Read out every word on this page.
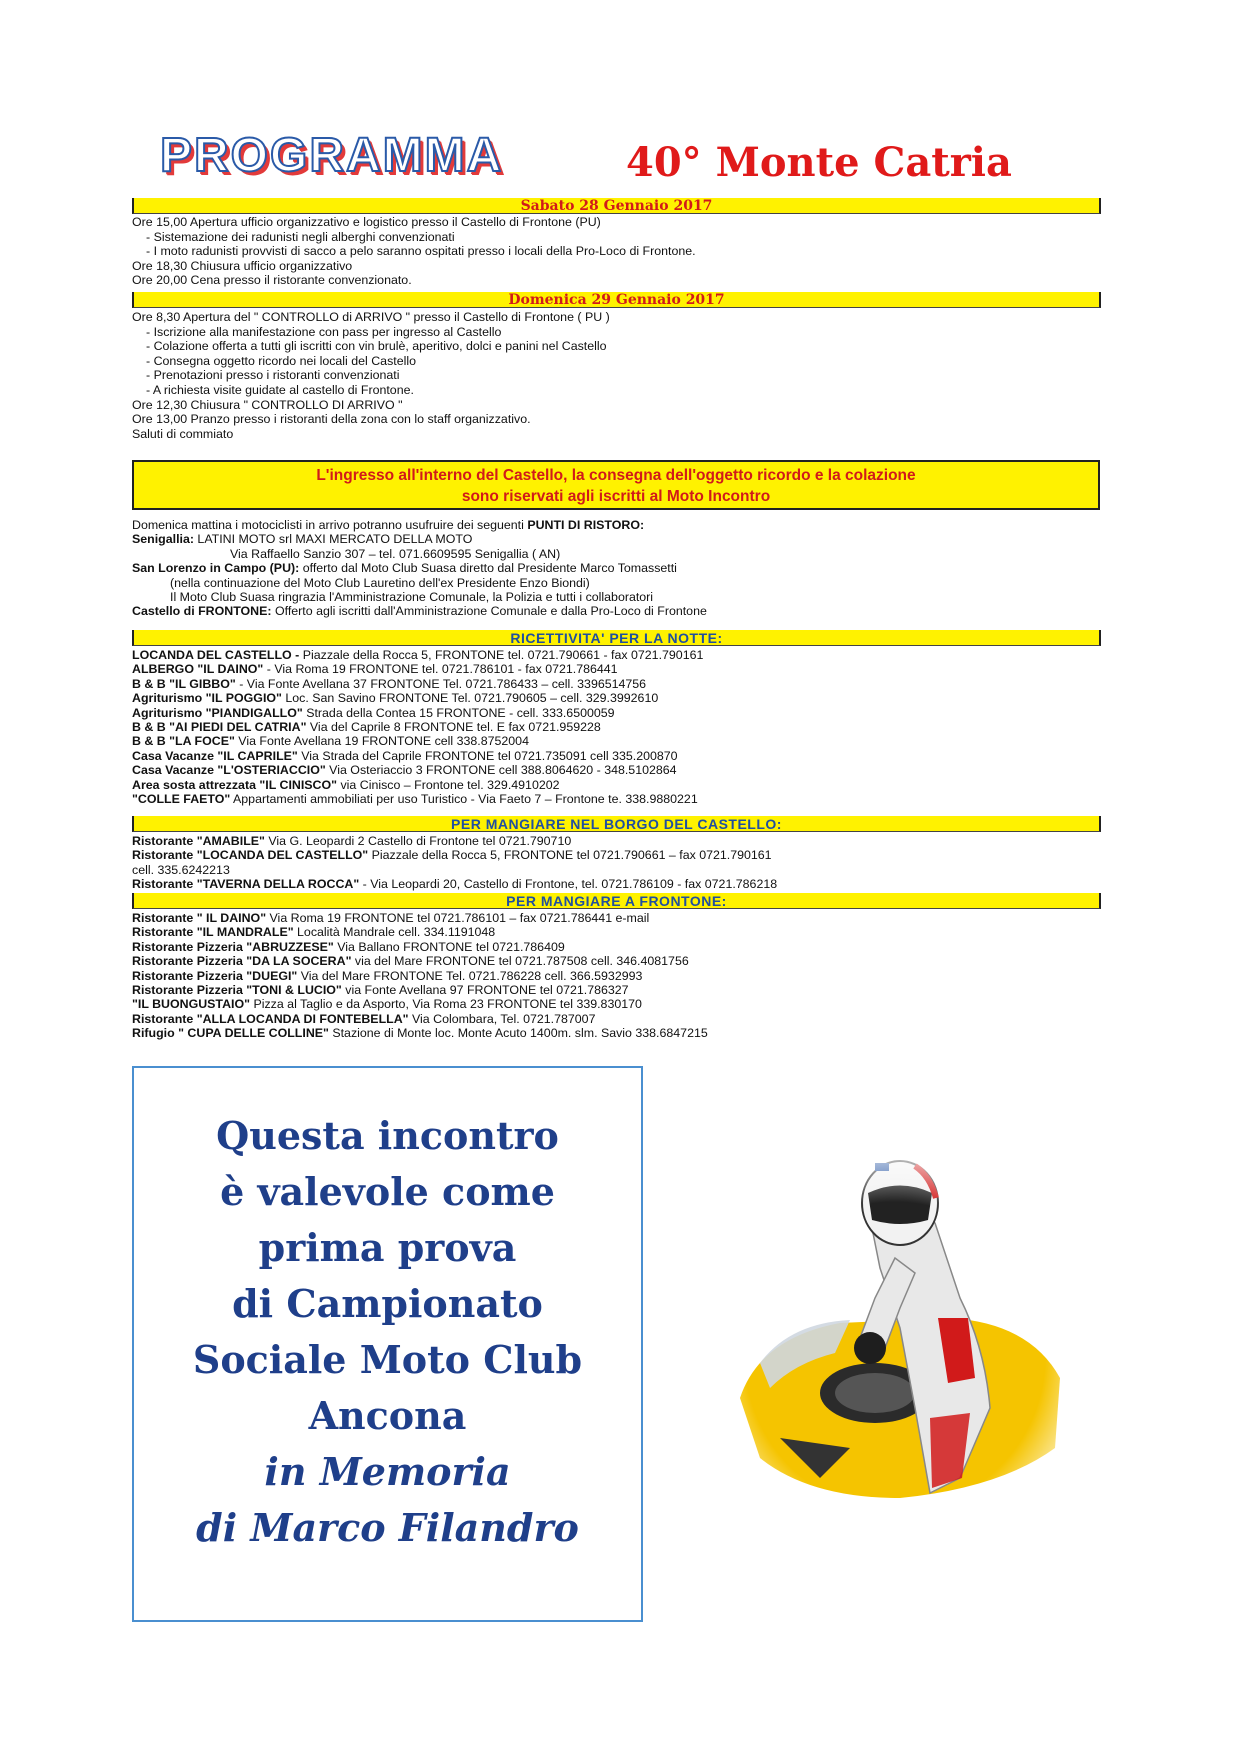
PROGRAMMA	40° Monte Catria
Sabato 28 Gennaio 2017
Ore 15,00 Apertura ufficio organizzativo e logistico presso il Castello di Frontone (PU)
- Sistemazione dei radunisti negli alberghi convenzionati
- I moto radunisti provvisti di sacco a pelo saranno ospitati presso i locali della Pro-Loco di Frontone.
Ore 18,30 Chiusura ufficio organizzativo
Ore 20,00 Cena presso il ristorante convenzionato.
Domenica 29 Gennaio 2017
Ore 8,30 Apertura del " CONTROLLO di ARRIVO " presso il Castello di Frontone ( PU )
- Iscrizione alla manifestazione con pass per ingresso al Castello
- Colazione offerta a tutti gli iscritti con vin brulè, aperitivo, dolci e panini nel Castello
- Consegna oggetto ricordo nei locali del Castello
- Prenotazioni presso i ristoranti convenzionati
- A richiesta visite guidate al castello di Frontone.
Ore 12,30 Chiusura " CONTROLLO DI ARRIVO "
Ore 13,00 Pranzo presso i ristoranti della zona con lo staff organizzativo.
Saluti di commiato
L'ingresso all'interno del Castello, la consegna dell'oggetto ricordo e la colazione
sono riservati agli iscritti al Moto Incontro
Domenica mattina i motociclisti in arrivo potranno usufruire dei seguenti PUNTI DI RISTORO:
Senigallia: LATINI MOTO srl MAXI MERCATO DELLA MOTO
Via Raffaello Sanzio 307 – tel. 071.6609595 Senigallia ( AN)
San Lorenzo in Campo (PU): offerto dal Moto Club Suasa diretto dal Presidente Marco Tomassetti
(nella continuazione del Moto Club Lauretino dell'ex Presidente Enzo Biondi)
Il Moto Club Suasa ringrazia l'Amministrazione Comunale, la Polizia e tutti i collaboratori
Castello di FRONTONE: Offerto agli iscritti dall'Amministrazione Comunale e dalla Pro-Loco di Frontone
RICETTIVITA' PER LA NOTTE:
LOCANDA DEL CASTELLO - Piazzale della Rocca 5, FRONTONE tel. 0721.790661 - fax 0721.790161
ALBERGO "IL DAINO" - Via Roma 19 FRONTONE tel. 0721.786101 - fax 0721.786441
B & B "IL GIBBO" - Via Fonte Avellana 37 FRONTONE Tel. 0721.786433 – cell. 3396514756
Agriturismo "IL POGGIO" Loc. San Savino FRONTONE Tel. 0721.790605 – cell. 329.3992610
Agriturismo "PIANDIGALLO" Strada della Contea 15 FRONTONE - cell. 333.6500059
B & B "AI PIEDI DEL CATRIA" Via del Caprile 8 FRONTONE tel. E fax 0721.959228
B & B "LA FOCE" Via Fonte Avellana 19 FRONTONE cell 338.8752004
Casa Vacanze "IL CAPRILE" Via Strada del Caprile FRONTONE tel 0721.735091 cell 335.200870
Casa Vacanze "L'OSTERIACCIO" Via Osteriaccio 3 FRONTONE cell 388.8064620 - 348.5102864
Area sosta attrezzata "IL CINISCO" via Cinisco – Frontone tel. 329.4910202
"COLLE FAETO" Appartamenti ammobiliati per uso Turistico - Via Faeto 7 – Frontone te. 338.9880221
PER MANGIARE NEL BORGO DEL CASTELLO:
Ristorante "AMABILE" Via G. Leopardi 2 Castello di Frontone tel 0721.790710
Ristorante "LOCANDA DEL CASTELLO" Piazzale della Rocca 5, FRONTONE tel 0721.790661 – fax 0721.790161
cell. 335.6242213
Ristorante "TAVERNA DELLA ROCCA" - Via Leopardi 20, Castello di Frontone, tel. 0721.786109 - fax 0721.786218
PER MANGIARE A FRONTONE:
Ristorante " IL DAINO" Via Roma 19 FRONTONE tel 0721.786101 – fax 0721.786441 e-mail
Ristorante "IL MANDRALE" Località Mandrale cell. 334.1191048
Ristorante Pizzeria "ABRUZZESE" Via Ballano FRONTONE tel 0721.786409
Ristorante Pizzeria "DA LA SOCERA" via del Mare FRONTONE tel 0721.787508 cell. 346.4081756
Ristorante Pizzeria "DUEGI" Via del Mare FRONTONE Tel. 0721.786228 cell. 366.5932993
Ristorante Pizzeria "TONI & LUCIO" via Fonte Avellana 97 FRONTONE tel 0721.786327
"IL BUONGUSTAIO" Pizza al Taglio e da Asporto, Via Roma 23 FRONTONE tel 339.830170
Ristorante "ALLA LOCANDA DI FONTEBELLA" Via Colombara, Tel. 0721.787007
Rifugio " CUPA DELLE COLLINE" Stazione di Monte loc. Monte Acuto 1400m. slm. Savio 338.6847215
Questa incontro
è valevole come
prima prova
di Campionato
Sociale Moto Club
Ancona
in Memoria
di Marco Filandro
